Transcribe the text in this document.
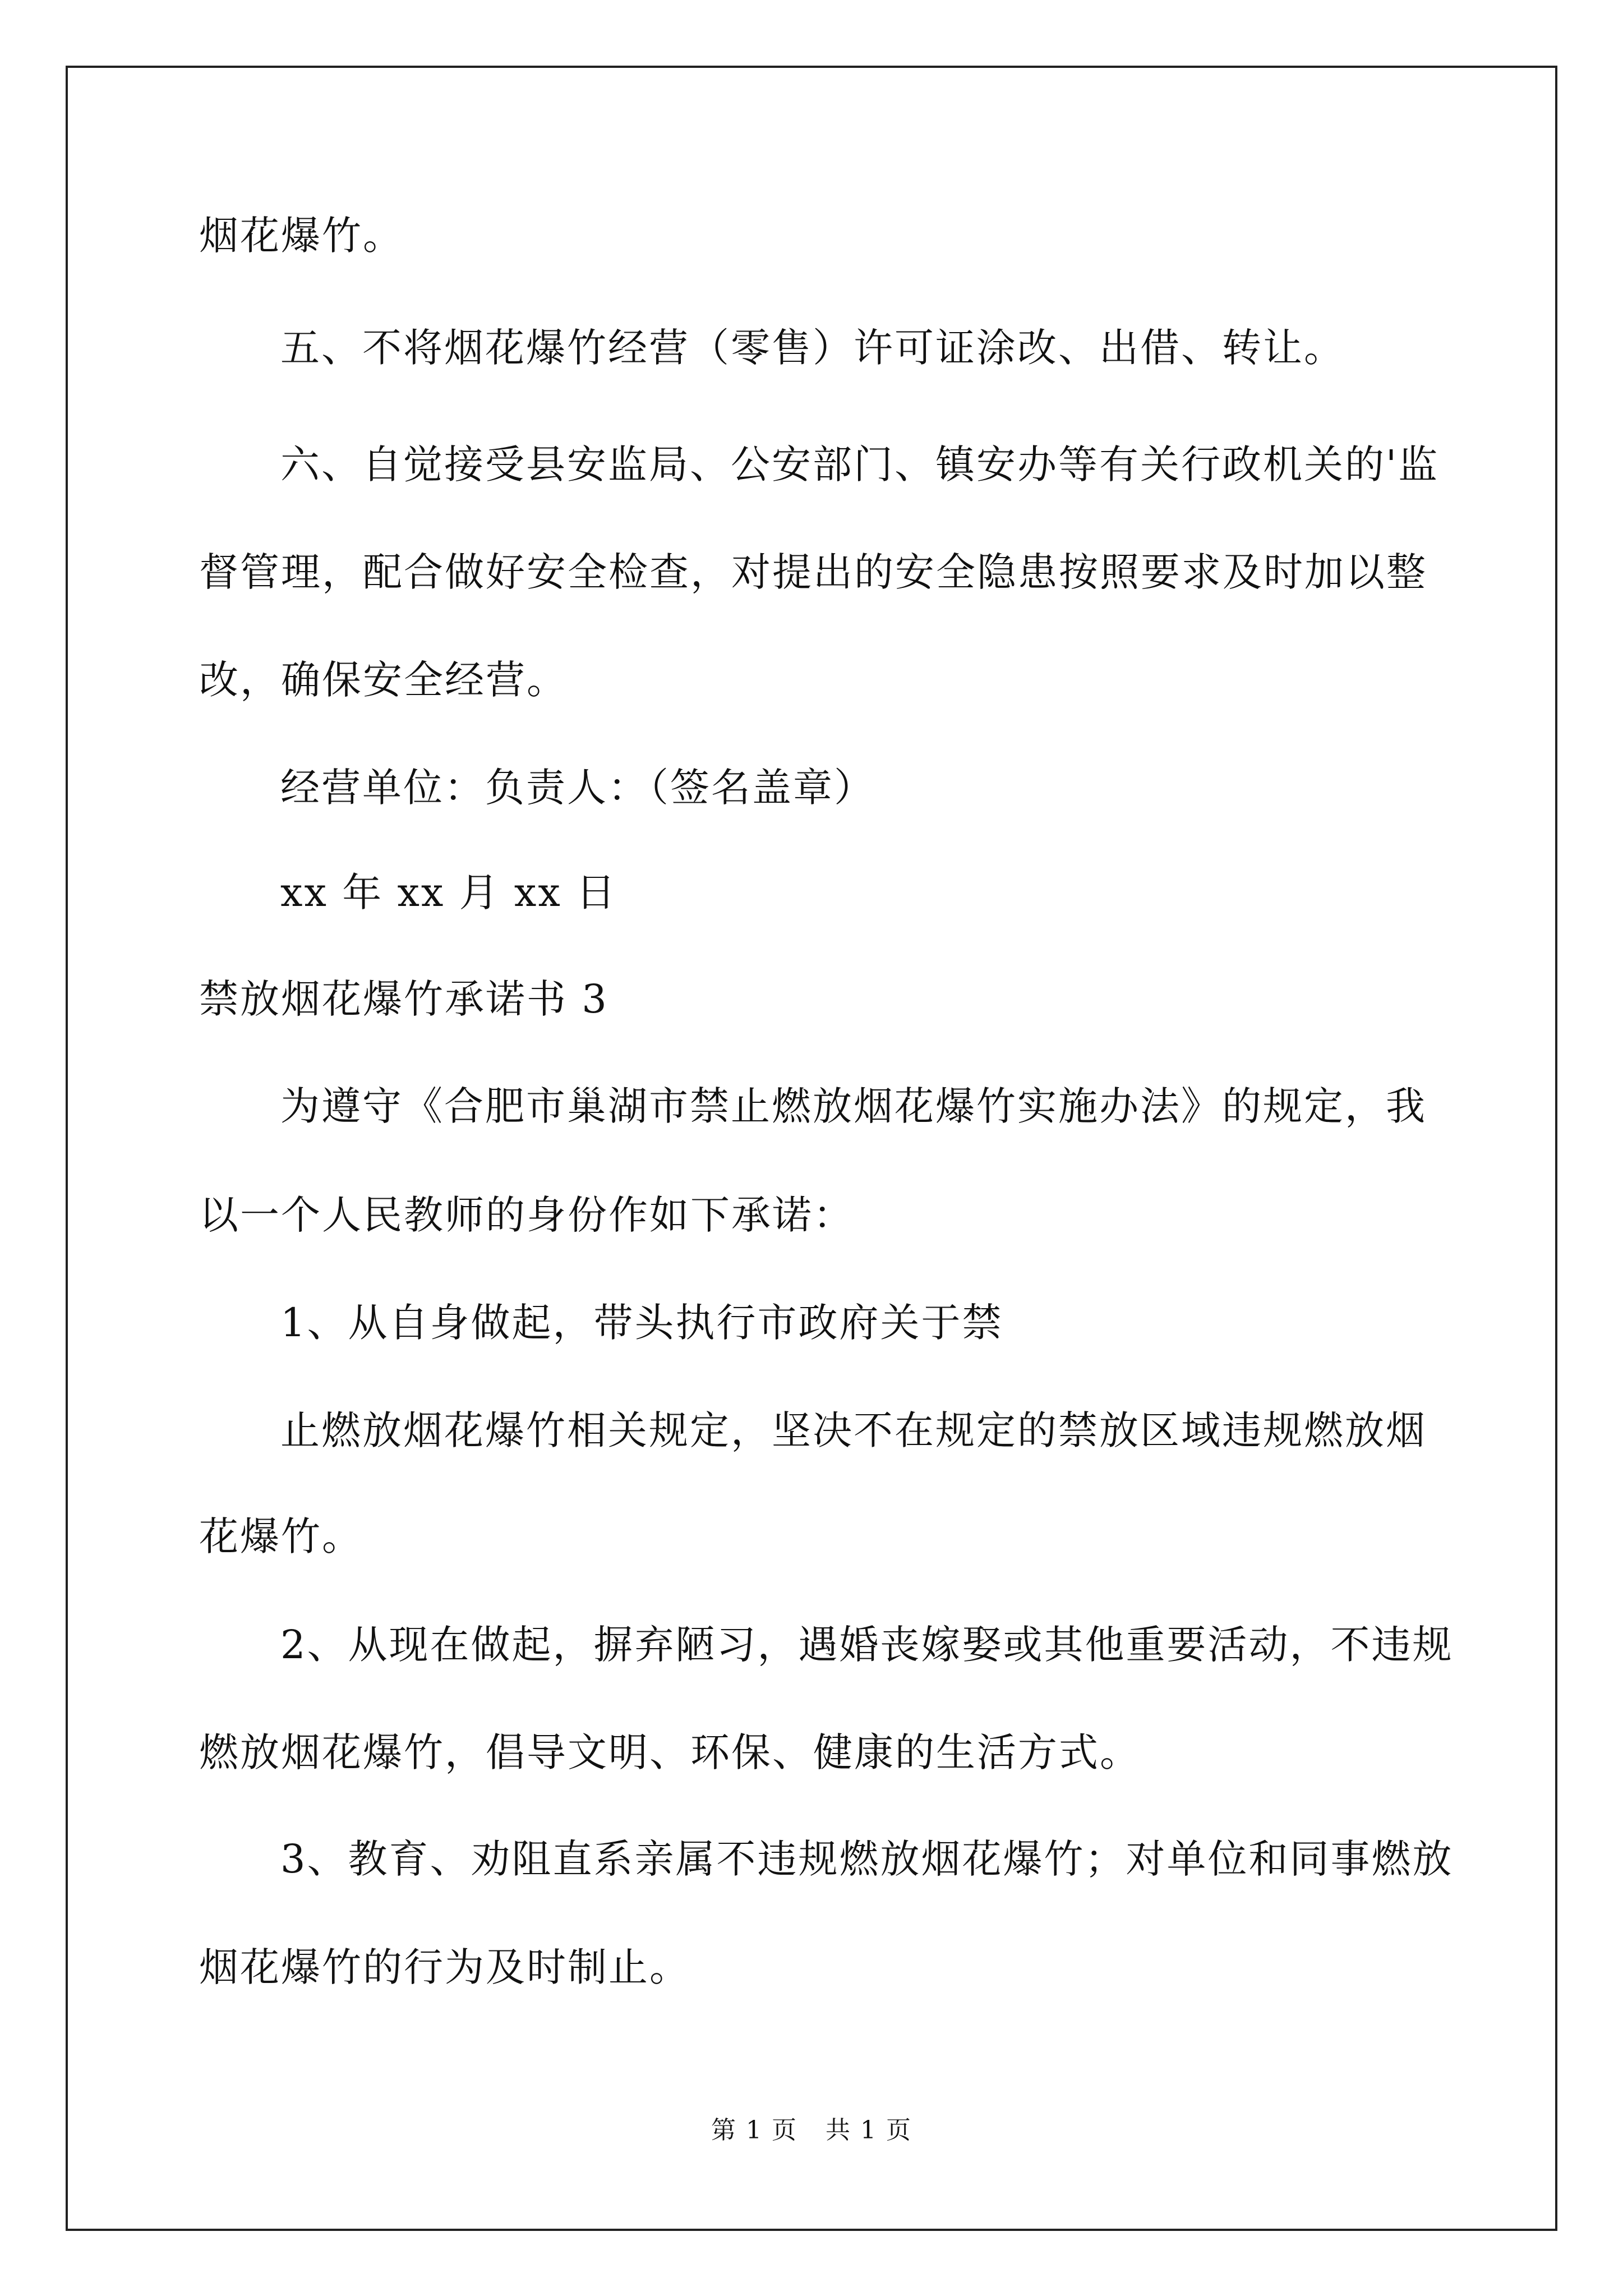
烟花爆竹。

五、不将烟花爆竹经营（零售）许可证涂改、出借、转让。

六、自觉接受县安监局、公安部门、镇安办等有关行政机关的'监

督管理，配合做好安全检查，对提出的安全隐患按照要求及时加以整

改，确保安全经营。

经营单位：负责人：（签名盖章）

xx 年 xx 月 xx 日

禁放烟花爆竹承诺书 3

为遵守《合肥市巢湖市禁止燃放烟花爆竹实施办法》的规定，我

以一个人民教师的身份作如下承诺：

1、从自身做起，带头执行市政府关于禁

止燃放烟花爆竹相关规定，坚决不在规定的禁放区域违规燃放烟

花爆竹。

2、从现在做起，摒弃陋习，遇婚丧嫁娶或其他重要活动，不违规

燃放烟花爆竹，倡导文明、环保、健康的生活方式。

3、教育、劝阻直系亲属不违规燃放烟花爆竹；对单位和同事燃放

烟花爆竹的行为及时制止。

第 1 页 共 1 页
